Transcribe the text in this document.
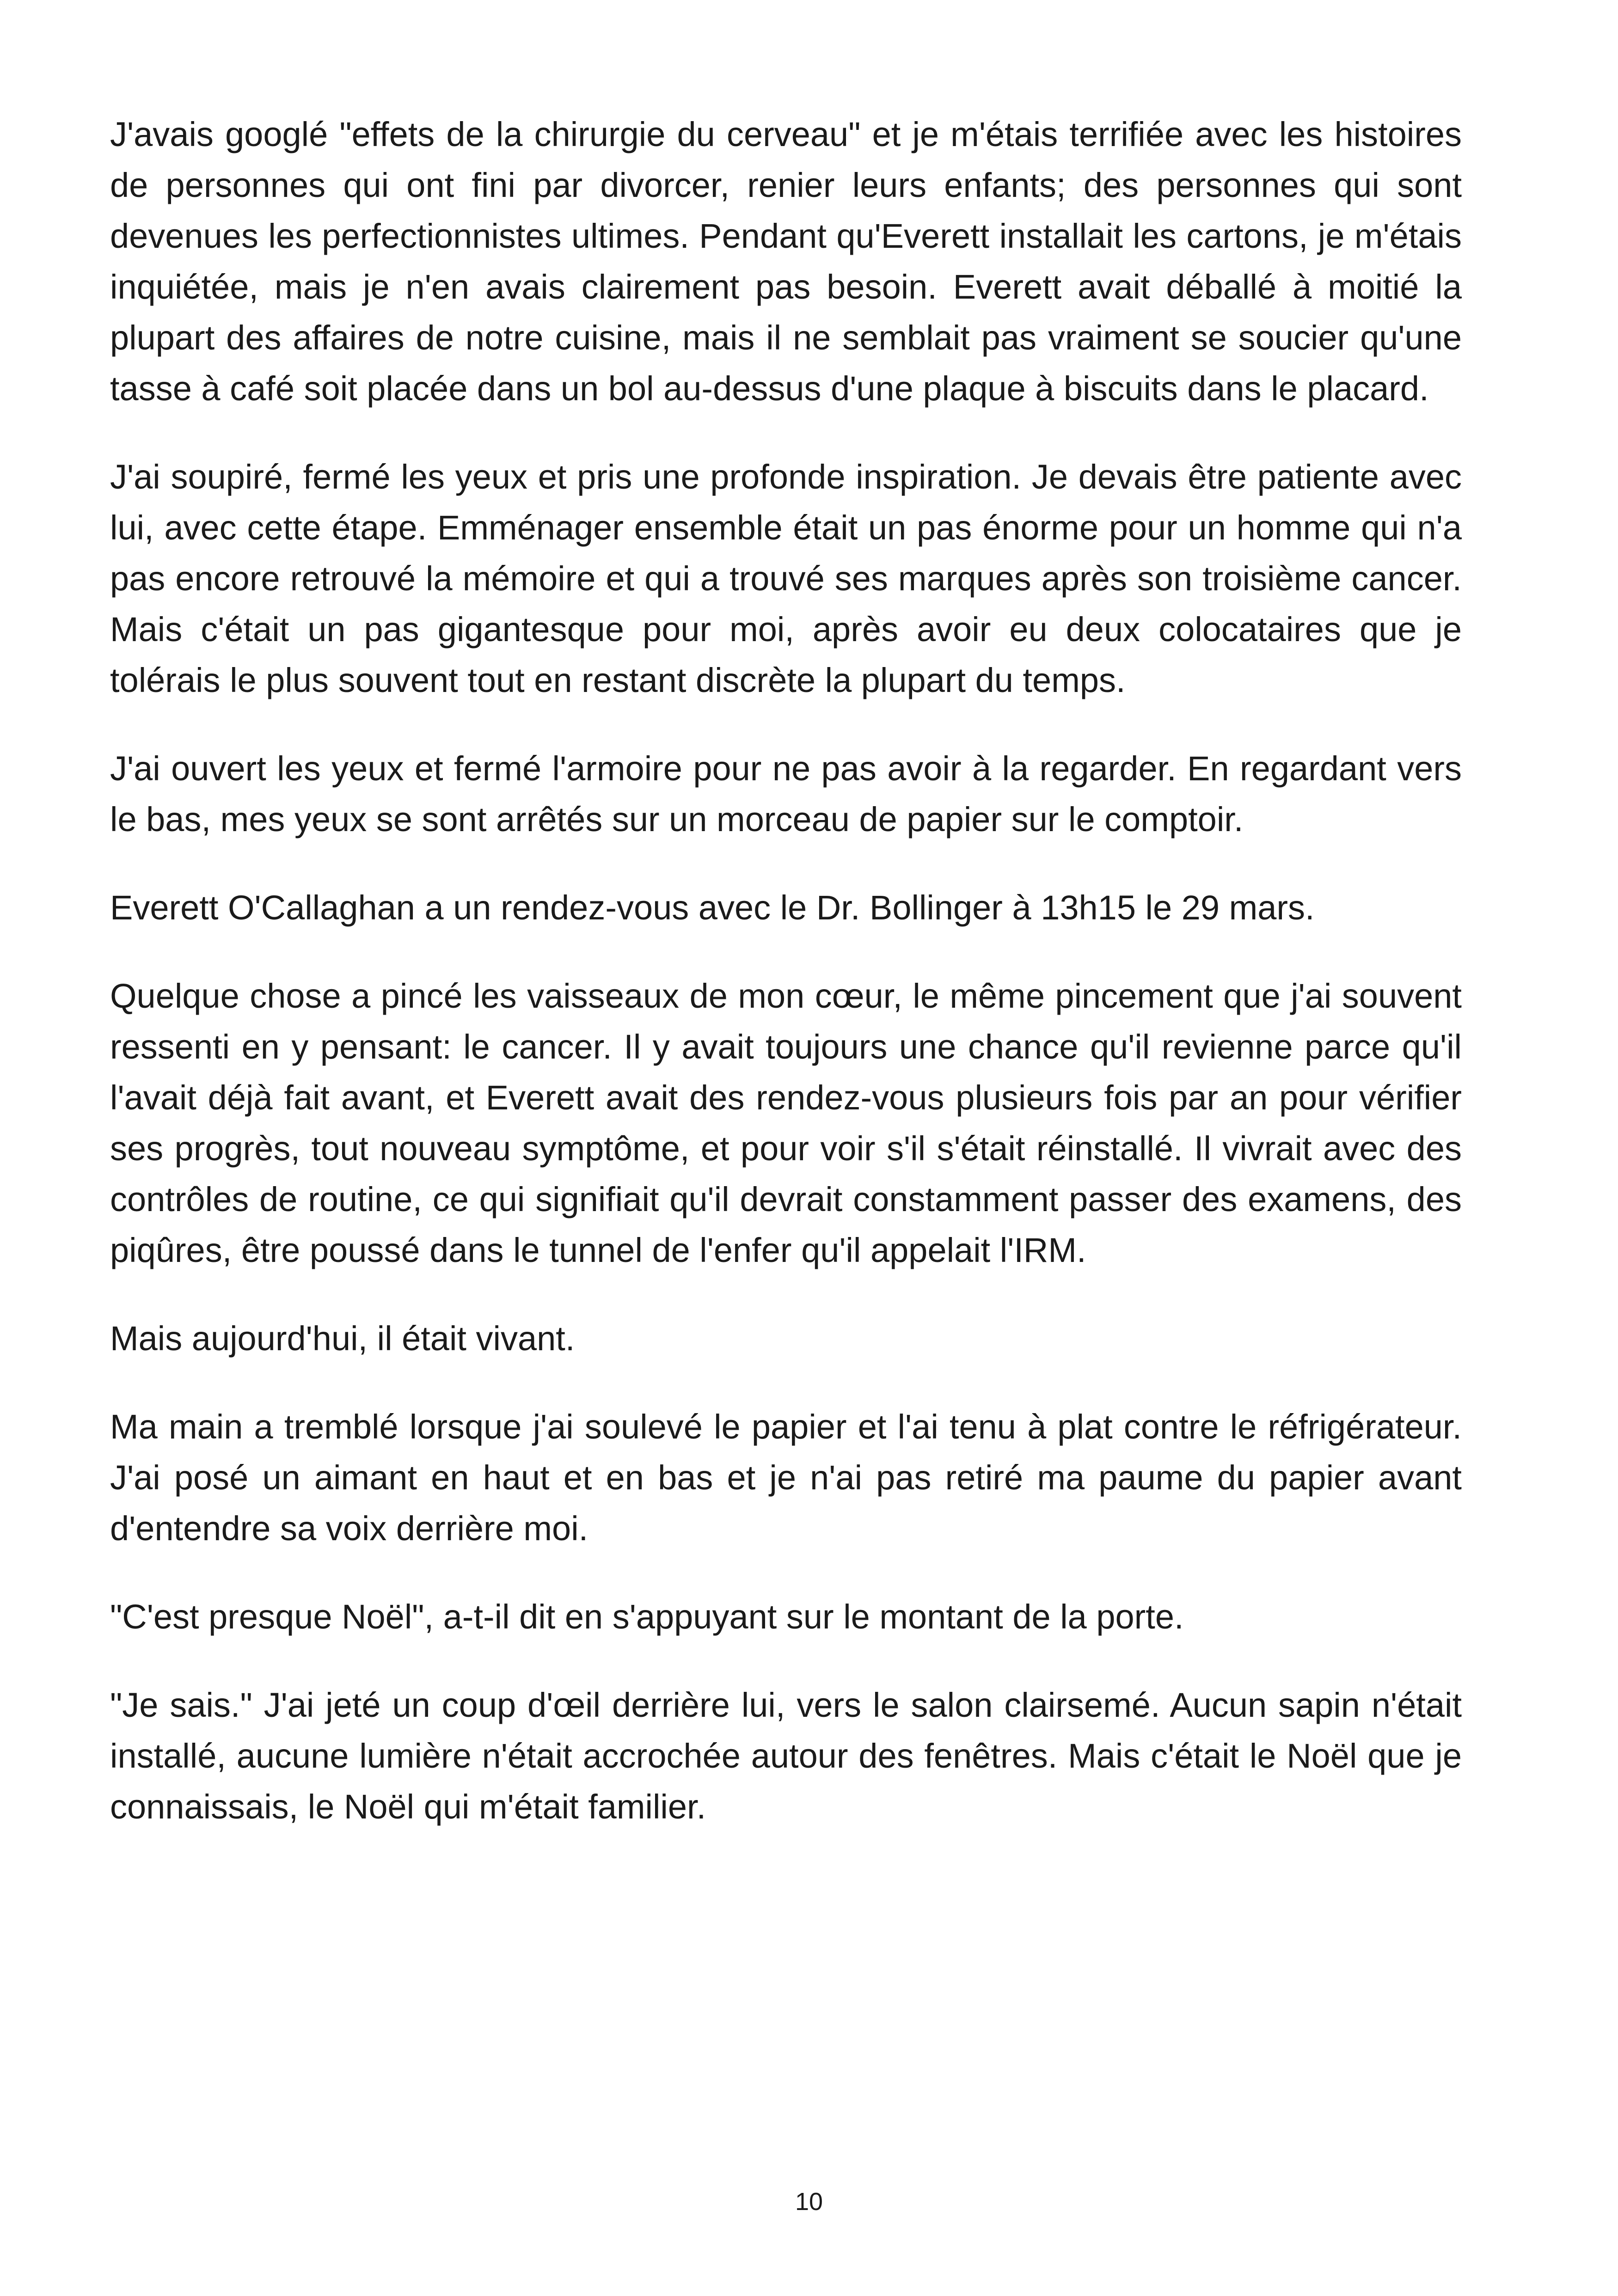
J'avais googlé "effets de la chirurgie du cerveau" et je m'étais terrifiée avec les histoires de personnes qui ont fini par divorcer, renier leurs enfants; des personnes qui sont devenues les perfectionnistes ultimes. Pendant qu'Everett installait les cartons, je m'étais inquiétée, mais je n'en avais clairement pas besoin. Everett avait déballé à moitié la plupart des affaires de notre cuisine, mais il ne semblait pas vraiment se soucier qu'une tasse à café soit placée dans un bol au-dessus d'une plaque à biscuits dans le placard.

J'ai soupiré, fermé les yeux et pris une profonde inspiration. Je devais être patiente avec lui, avec cette étape. Emménager ensemble était un pas énorme pour un homme qui n'a pas encore retrouvé la mémoire et qui a trouvé ses marques après son troisième cancer. Mais c'était un pas gigantesque pour moi, après avoir eu deux colocataires que je tolérais le plus souvent tout en restant discrète la plupart du temps.

J'ai ouvert les yeux et fermé l'armoire pour ne pas avoir à la regarder. En regardant vers le bas, mes yeux se sont arrêtés sur un morceau de papier sur le comptoir.

Everett O'Callaghan a un rendez-vous avec le Dr. Bollinger à 13h15 le 29 mars.

Quelque chose a pincé les vaisseaux de mon cœur, le même pincement que j'ai souvent ressenti en y pensant: le cancer. Il y avait toujours une chance qu'il revienne parce qu'il l'avait déjà fait avant, et Everett avait des rendez-vous plusieurs fois par an pour vérifier ses progrès, tout nouveau symptôme, et pour voir s'il s'était réinstallé. Il vivrait avec des contrôles de routine, ce qui signifiait qu'il devrait constamment passer des examens, des piqûres, être poussé dans le tunnel de l'enfer qu'il appelait l'IRM.

Mais aujourd'hui, il était vivant.

Ma main a tremblé lorsque j'ai soulevé le papier et l'ai tenu à plat contre le réfrigérateur. J'ai posé un aimant en haut et en bas et je n'ai pas retiré ma paume du papier avant d'entendre sa voix derrière moi.

"C'est presque Noël", a-t-il dit en s'appuyant sur le montant de la porte.

"Je sais." J'ai jeté un coup d'œil derrière lui, vers le salon clairsemé. Aucun sapin n'était installé, aucune lumière n'était accrochée autour des fenêtres. Mais c'était le Noël que je connaissais, le Noël qui m'était familier.

10
